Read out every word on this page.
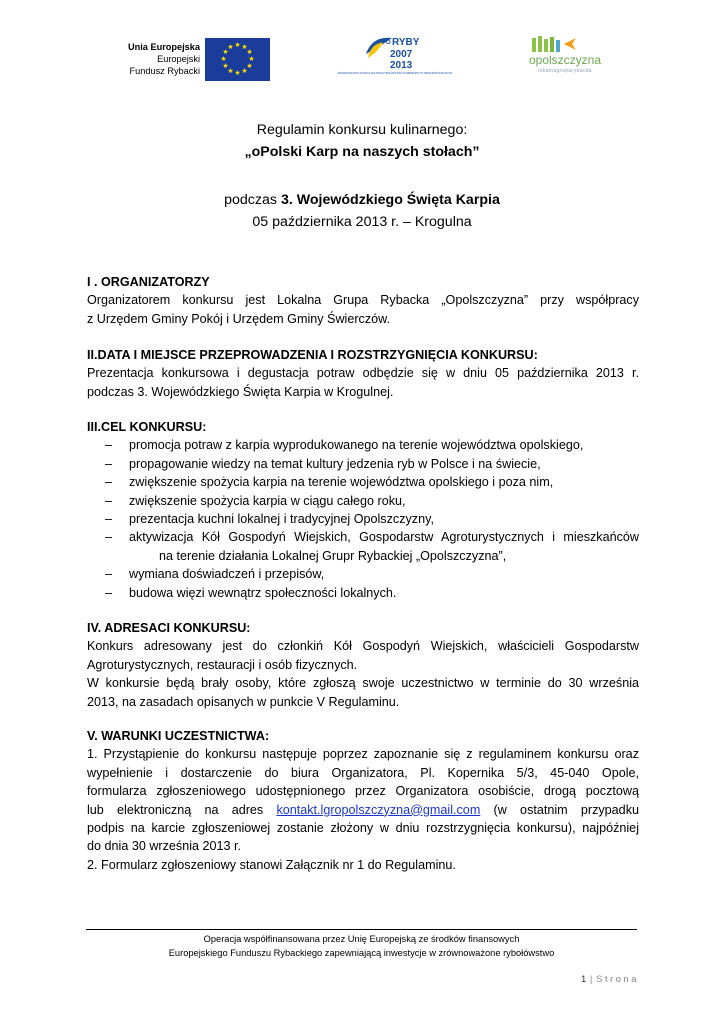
Unia Europejska
Europejski
Fundusz Rybacki
★ ★
★
★
★
★
★
★
★
★
★
★	PO RYBY
2007
2013
ZRÓWNOWAŻONY ROZWÓJ SEKTORA RYBOŁÓWSTWA I NADBRZEŻNYCH OBSZARÓW RYBACKICH
opolszczyzna
lokalnagruparybacka
Regulamin konkursu kulinarnego:
„oPolski Karp na naszych stołach”
podczas 3. Wojewódzkiego Święta Karpia
05 października 2013 r. – Krogulna
I . ORGANIZATORZY
Organizatorem konkursu jest Lokalna Grupa Rybacka „Opolszczyzna” przy współpracy
z Urzędem Gminy Pokój i Urzędem Gminy Świerczów.
II.DATA I MIEJSCE PRZEPROWADZENIA I ROZSTRZYGNIĘCIA KONKURSU:
Prezentacja konkursowa i degustacja potraw odbędzie się w dniu 05 października 2013 r.
podczas 3. Wojewódzkiego Święta Karpia w Krogulnej.
III.CEL KONKURSU:
– promocja potraw z karpia wyprodukowanego na terenie województwa opolskiego,
– propagowanie wiedzy na temat kultury jedzenia ryb w Polsce i na świecie,
– zwiększenie spożycia karpia na terenie województwa opolskiego i poza nim,
– zwiększenie spożycia karpia w ciągu całego roku,
– prezentacja kuchni lokalnej i tradycyjnej Opolszczyzny,
– aktywizacja Kół Gospodyń Wiejskich, Gospodarstw Agroturystycznych i mieszkańców
na terenie działania Lokalnej Grupr Rybackiej „Opolszczyzna”,
– wymiana doświadczeń i przepisów,
– budowa więzi wewnątrz społeczności lokalnych.
IV. ADRESACI KONKURSU:
Konkurs adresowany jest do członkiń Kół Gospodyń Wiejskich, właścicieli Gospodarstw
Agroturystycznych, restauracji i osób fizycznych.
W konkursie będą brały osoby, które zgłoszą swoje uczestnictwo w terminie do 30 września
2013, na zasadach opisanych w punkcie V Regulaminu.
V. WARUNKI UCZESTNICTWA:
1. Przystąpienie do konkursu następuje poprzez zapoznanie się z regulaminem konkursu oraz
wypełnienie i dostarczenie do biura Organizatora, Pl. Kopernika 5/3, 45-040 Opole,
formularza zgłoszeniowego udostępnionego przez Organizatora osobiście, drogą pocztową
lub elektroniczną na adres kontakt.lgropolszczyzna@gmail.com (w ostatnim przypadku
podpis na karcie zgłoszeniowej zostanie złożony w dniu rozstrzygnięcia konkursu), najpóźniej
do dnia 30 września 2013 r.
2. Formularz zgłoszeniowy stanowi Załącznik nr 1 do Regulaminu.
Operacja współfinansowana przez Unię Europejską ze środków finansowych
Europejskiego Funduszu Rybackiego zapewniającą inwestycje w zrównoważone rybołówstwo
1 | Strona
